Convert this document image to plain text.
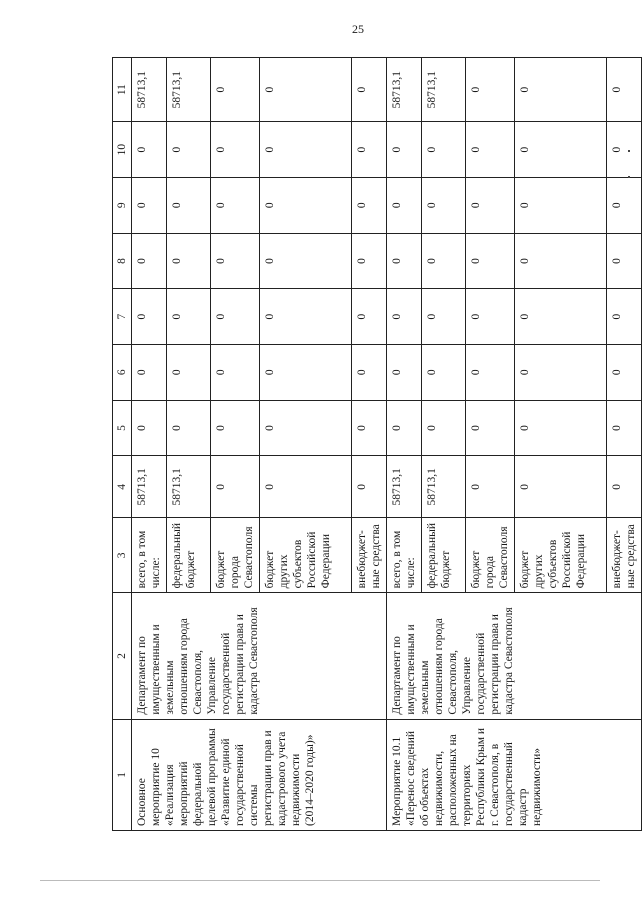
25
1	2	3	4	5	6	7	8	9	10	11
Основное мероприятие 10 «Реализация мероприятий федеральной целевой программы «Развитие единой государственной системы регистрации прав и кадастрового учета недвижимости (2014–2020 годы)»	Департамент по имущественным и земельным отношениям города Севастополя, Управление государственной регистрации права и кадастра Севастополя	всего, в том числе:	58713,1	0	0	0	0	0	0	58713,1
		федеральный бюджет	58713,1	0	0	0	0	0	0	58713,1
		бюджет города Севастополя	0	0	0	0	0	0	0	0
		бюджет других субъектов Российской Федерации	0	0	0	0	0	0	0	0
		внебюджет-ные средства	0	0	0	0	0	0	0	0
Мероприятие 10.1 «Перенос сведений об объектах недвижимости, расположенных на территориях Республики Крым и г. Севастополя, в государственный кадастр недвижимости»	Департамент по имущественным и земельным отношениям города Севастополя, Управление государственной регистрации права и кадастра Севастополя	всего, в том числе:	58713,1	0	0	0	0	0	0	58713,1
		федеральный бюджет	58713,1	0	0	0	0	0	0	58713,1
		бюджет города Севастополя	0	0	0	0	0	0	0	0
		бюджет других субъектов Российской Федерации	0	0	0	0	0	0	0	0
		внебюджет-ные средства	0	0	0	0	0	0	0	0
